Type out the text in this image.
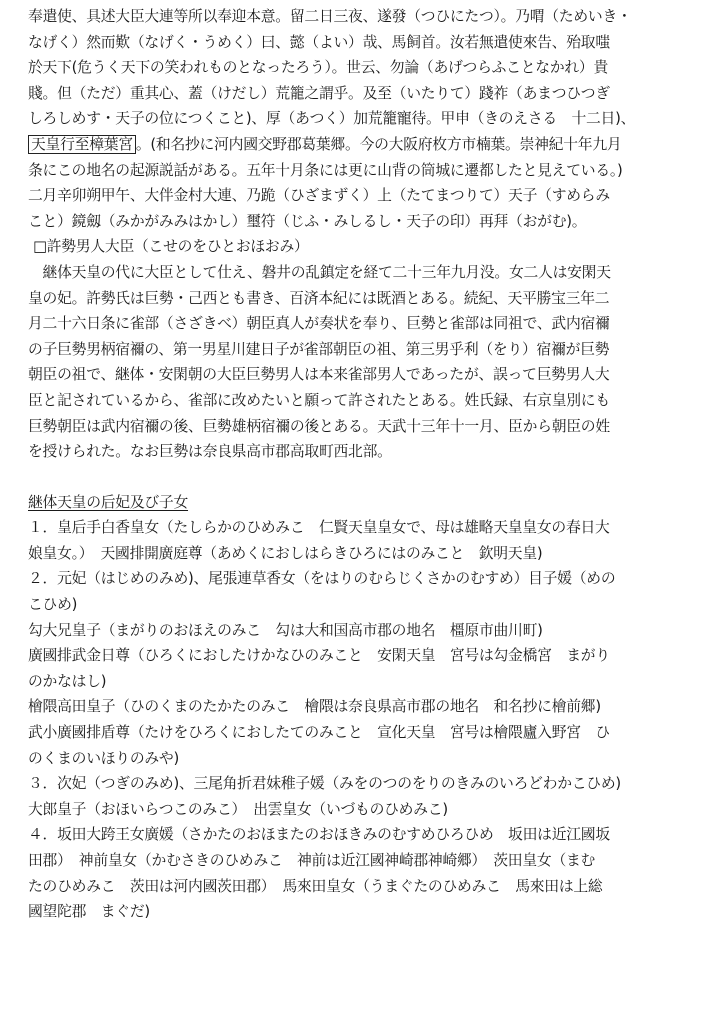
奉遣使、具述大臣大連等所以奉迎本意。留二日三夜、遂發（つひにたつ）。乃喟（ためいき・
なげく）然而歎（なげく・うめく）曰、懿（よい）哉、馬飼首。汝若無遣使來告、殆取嗤
於天下(危うく天下の笑われものとなったろう）。世云、勿論（あげつらふことなかれ）貴
賤。但（ただ）重其心、蓋（けだし）荒籠之謂乎。及至（いたりて）踐祚（あまつひつぎ
しろしめす・天子の位につくこと)、厚（あつく）加荒籠寵待。甲申（きのえさる　十二日)、
天皇行至樟葉宮 。(和名抄に河内國交野郡葛葉郷。今の大阪府枚方市楠葉。崇神紀十年九月
条にこの地名の起源説話がある。五年十月条には更に山背の筒城に遷都したと見えている。)
二月辛卯朔甲午、大伴金村大連、乃跪（ひざまずく）上（たてまつりて）天子（すめらみ
こと）鏡劔（みかがみみはかし）璽符（じふ・みしるし・天子の印）再拜（おがむ)。
□許勢男人大臣（こせのをひとおほおみ）
　継体天皇の代に大臣として仕え、磐井の乱鎮定を経て二十三年九月没。女二人は安閑天
皇の妃。許勢氏は巨勢・己西とも書き、百済本紀には既酒とある。続紀、天平勝宝三年二
月二十六日条に雀部（さざきべ）朝臣真人が奏状を奉り、巨勢と雀部は同祖で、武内宿禰
の子巨勢男柄宿禰の、第一男星川建日子が雀部朝臣の祖、第三男乎利（をり）宿禰が巨勢
朝臣の祖で、継体・安閑朝の大臣巨勢男人は本来雀部男人であったが、誤って巨勢男人大
臣と記されているから、雀部に改めたいと願って許されたとある。姓氏録、右京皇別にも
巨勢朝臣は武内宿禰の後、巨勢雄柄宿禰の後とある。天武十三年十一月、臣から朝臣の姓
を授けられた。なお巨勢は奈良県高市郡高取町西北部。
継体天皇の后妃及び子女
１．皇后手白香皇女（たしらかのひめみこ　仁賢天皇皇女で、母は雄略天皇皇女の春日大
娘皇女。）　天國排開廣庭尊（あめくにおしはらきひろにはのみこと　欽明天皇)
２．元妃（はじめのみめ)、尾張連草香女（をはりのむらじくさかのむすめ）目子媛（めの
こひめ)
勾大兄皇子（まがりのおほえのみこ　勾は大和国高市郡の地名　橿原市曲川町)
廣國排武金日尊（ひろくにおしたけかなひのみこと　安閑天皇　宮号は勾金橋宮　まがり
のかなはし)
檜隈高田皇子（ひのくまのたかたのみこ　檜隈は奈良県高市郡の地名　和名抄に檜前郷)
武小廣國排盾尊（たけをひろくにおしたてのみこと　宣化天皇　宮号は檜隈廬入野宮　ひ
のくまのいほりのみや)
３．次妃（つぎのみめ)、三尾角折君妹稚子媛（みをのつのをりのきみのいろどわかこひめ)
大郎皇子（おほいらつこのみこ）　出雲皇女（いづものひめみこ)
４．坂田大跨王女廣媛（さかたのおほまたのおほきみのむすめひろひめ　坂田は近江國坂
田郡）　神前皇女（かむさきのひめみこ　神前は近江國神崎郡神崎郷）　茨田皇女（まむ
たのひめみこ　茨田は河内國茨田郡）　馬來田皇女（うまぐたのひめみこ　馬來田は上総
國望陀郡　まぐだ)
